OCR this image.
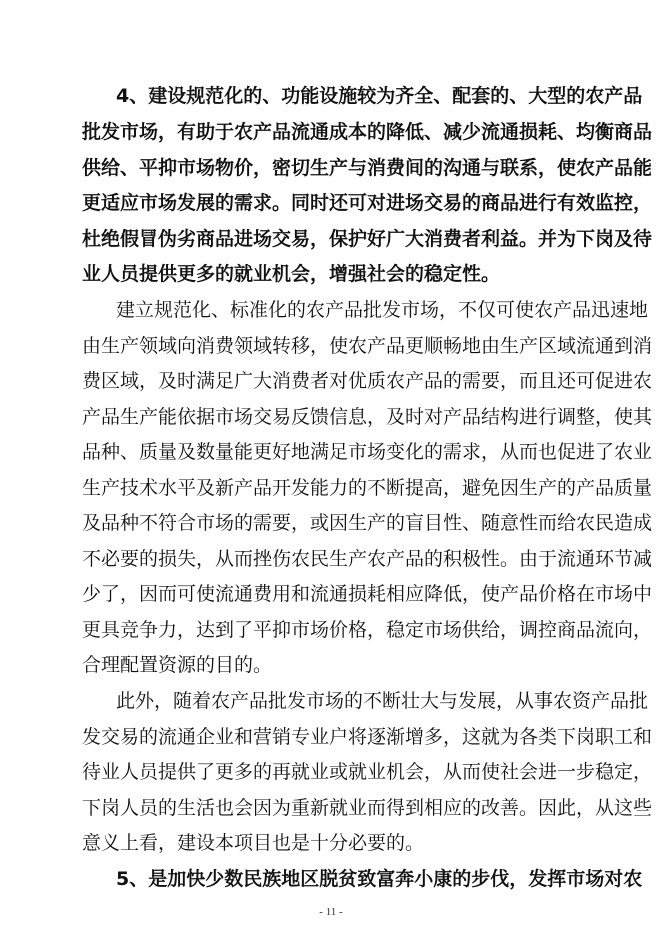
4、建设规范化的、功能设施较为齐全、配套的、大型的农产品
批发市场，有助于农产品流通成本的降低、减少流通损耗、均衡商品
供给、平抑市场物价，密切生产与消费间的沟通与联系，使农产品能
更适应市场发展的需求。同时还可对进场交易的商品进行有效监控，
杜绝假冒伪劣商品进场交易，保护好广大消费者利益。并为下岗及待
业人员提供更多的就业机会，增强社会的稳定性。
建立规范化、标准化的农产品批发市场，不仅可使农产品迅速地
由生产领域向消费领域转移，使农产品更顺畅地由生产区域流通到消
费区域，及时满足广大消费者对优质农产品的需要，而且还可促进农
产品生产能依据市场交易反馈信息，及时对产品结构进行调整，使其
品种、质量及数量能更好地满足市场变化的需求，从而也促进了农业
生产技术水平及新产品开发能力的不断提高，避免因生产的产品质量
及品种不符合市场的需要，或因生产的盲目性、随意性而给农民造成
不必要的损失，从而挫伤农民生产农产品的积极性。由于流通环节减
少了，因而可使流通费用和流通损耗相应降低，使产品价格在市场中
更具竞争力，达到了平抑市场价格，稳定市场供给，调控商品流向，
合理配置资源的目的。
此外，随着农产品批发市场的不断壮大与发展，从事农资产品批
发交易的流通企业和营销专业户将逐渐增多，这就为各类下岗职工和
待业人员提供了更多的再就业或就业机会，从而使社会进一步稳定，
下岗人员的生活也会因为重新就业而得到相应的改善。因此，从这些
意义上看，建设本项目也是十分必要的。
5、是加快少数民族地区脱贫致富奔小康的步伐，发挥市场对农
- 11 -
